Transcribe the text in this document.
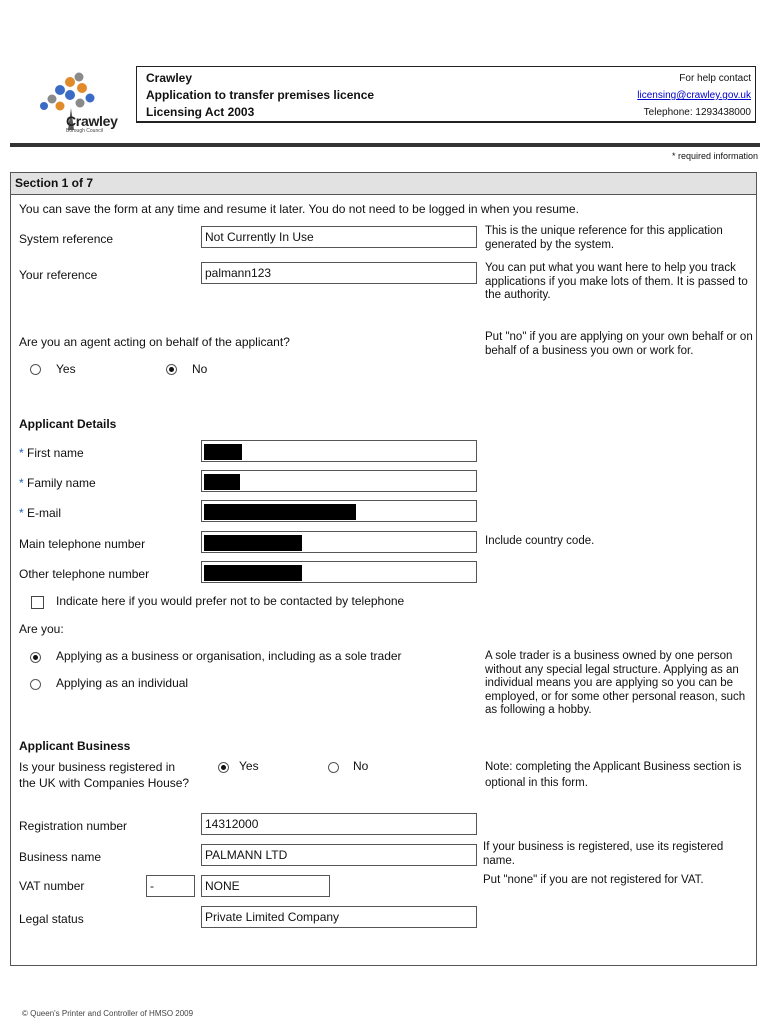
Crawley
Borough Council
Crawley
Application to transfer premises licence
Licensing Act 2003
For help contact
licensing@crawley.gov.uk
Telephone: 1293438000
* required information
Section 1 of 7
You can save the form at any time and resume it later. You do not need to be logged in when you resume.
System reference	Not Currently In Use	This is the unique reference for this application generated by the system.
Your reference	palmann123	You can put what you want here to help you track applications if you make lots of them. It is passed to the authority.
Are you an agent acting on behalf of the applicant?
Yes	No
Put "no" if you are applying on your own behalf or on behalf of a business you own or work for.
Applicant Details
* First name
* Family name
* E-mail
Main telephone number	Include country code.
Other telephone number
Indicate here if you would prefer not to be contacted by telephone
Are you:
Applying as a business or organisation, including as a sole trader
Applying as an individual
A sole trader is a business owned by one person without any special legal structure. Applying as an individual means you are applying so you can be employed, or for some other personal reason, such as following a hobby.
Applicant Business
Is your business registered in the UK with Companies House?
Yes	No	Note: completing the Applicant Business section is optional in this form.
Registration number	14312000
Business name	PALMANN LTD
If your business is registered, use its registered name.
VAT number	-	NONE	Put "none" if you are not registered for VAT.
Legal status	Private Limited Company
© Queen's Printer and Controller of HMSO 2009
